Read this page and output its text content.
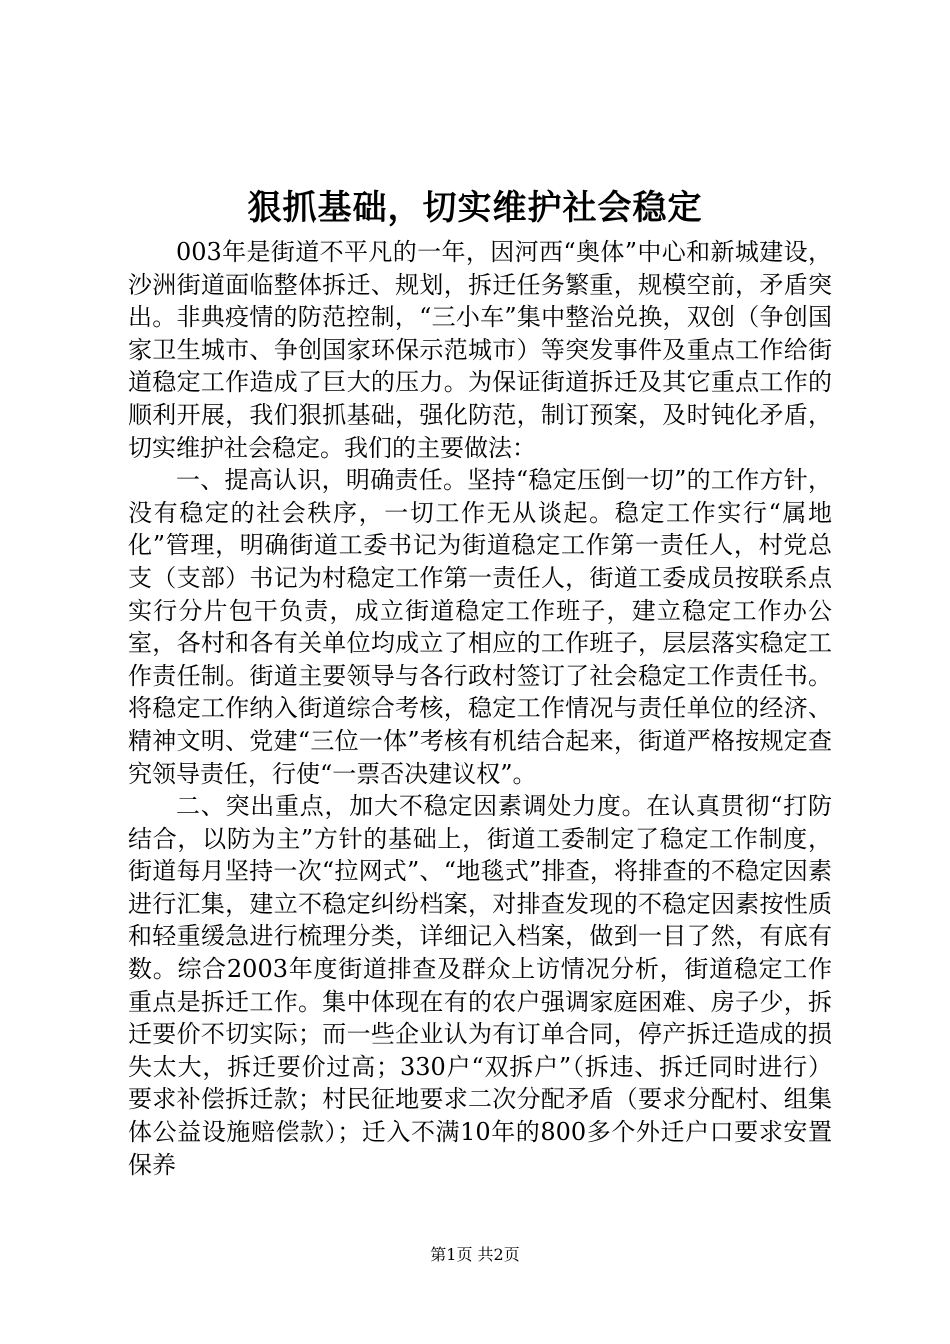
狠抓基础，切实维护社会稳定

003年是街道不平凡的一年，因河西“奥体”中心和新城建设，沙洲街道面临整体拆迁、规划，拆迁任务繁重，规模空前，矛盾突出。非典疫情的防范控制，“三小车”集中整治兑换，双创（争创国家卫生城市、争创国家环保示范城市）等突发事件及重点工作给街道稳定工作造成了巨大的压力。为保证街道拆迁及其它重点工作的顺利开展，我们狠抓基础，强化防范，制订预案，及时钝化矛盾，切实维护社会稳定。我们的主要做法：

一、提高认识，明确责任。坚持“稳定压倒一切”的工作方针，没有稳定的社会秩序，一切工作无从谈起。稳定工作实行“属地化”管理，明确街道工委书记为街道稳定工作第一责任人，村党总支（支部）书记为村稳定工作第一责任人，街道工委成员按联系点实行分片包干负责，成立街道稳定工作班子，建立稳定工作办公室，各村和各有关单位均成立了相应的工作班子，层层落实稳定工作责任制。街道主要领导与各行政村签订了社会稳定工作责任书。将稳定工作纳入街道综合考核，稳定工作情况与责任单位的经济、精神文明、党建“三位一体”考核有机结合起来，街道严格按规定查究领导责任，行使“一票否决建议权”。

二、突出重点，加大不稳定因素调处力度。在认真贯彻“打防结合，以防为主”方针的基础上，街道工委制定了稳定工作制度，街道每月坚持一次“拉网式”、“地毯式”排查，将排查的不稳定因素进行汇集，建立不稳定纠纷档案，对排查发现的不稳定因素按性质和轻重缓急进行梳理分类，详细记入档案，做到一目了然，有底有数。综合2003年度街道排查及群众上访情况分析，街道稳定工作重点是拆迁工作。集中体现在有的农户强调家庭困难、房子少，拆迁要价不切实际；而一些企业认为有订单合同，停产拆迁造成的损失太大，拆迁要价过高；330户“双拆户”（拆违、拆迁同时进行）要求补偿拆迁款；村民征地要求二次分配矛盾（要求分配村、组集体公益设施赔偿款）；迁入不满10年的800多个外迁户口要求安置保养

第1页 共2页
